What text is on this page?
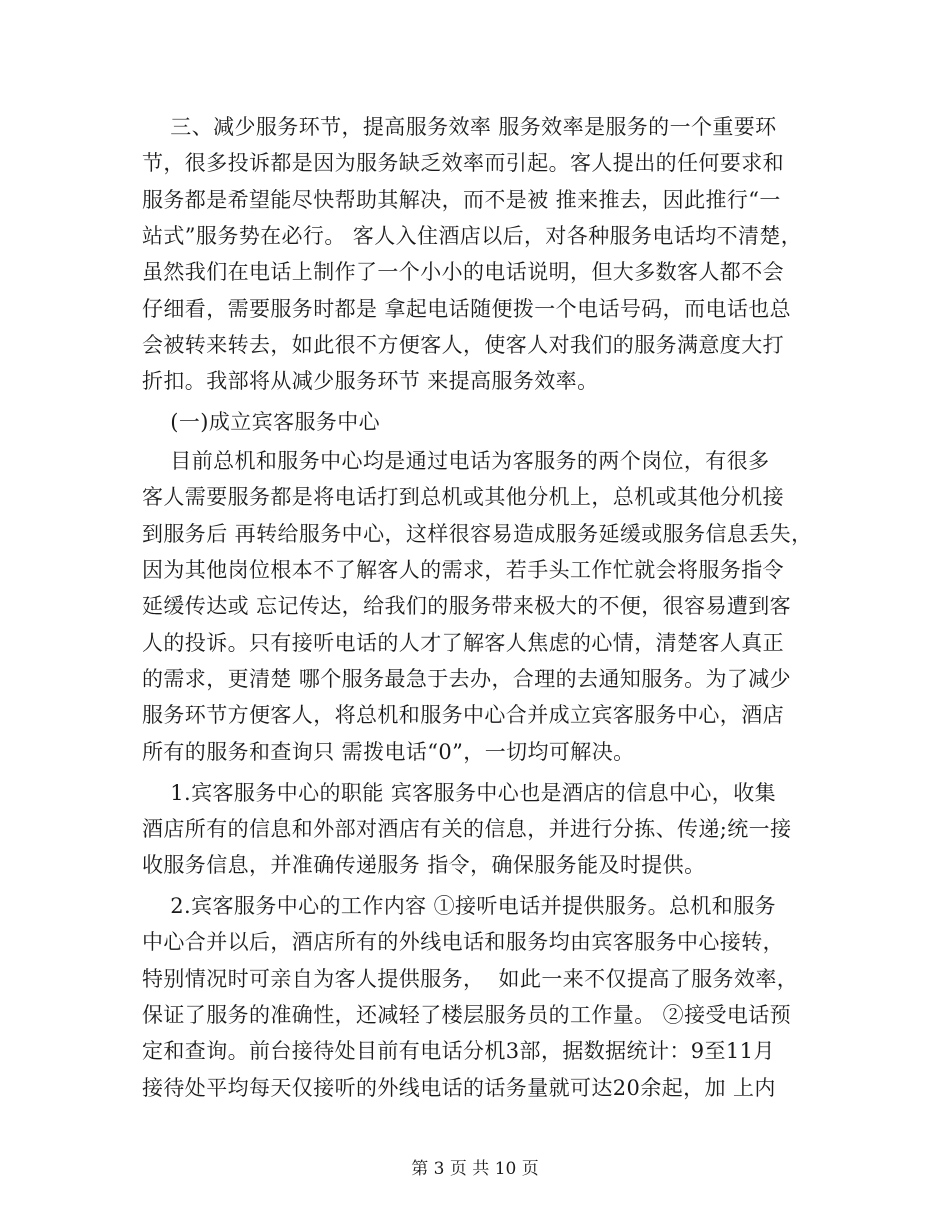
三、减少服务环节，提高服务效率 服务效率是服务的一个重要环
节，很多投诉都是因为服务缺乏效率而引起。客人提出的任何要求和
服务都是希望能尽快帮助其解决，而不是被 推来推去，因此推行“一
站式”服务势在必行。 客人入住酒店以后，对各种服务电话均不清楚，
虽然我们在电话上制作了一个小小的电话说明，但大多数客人都不会
仔细看，需要服务时都是 拿起电话随便拨一个电话号码，而电话也总
会被转来转去，如此很不方便客人，使客人对我们的服务满意度大打
折扣。我部将从减少服务环节 来提高服务效率。
(一)成立宾客服务中心
目前总机和服务中心均是通过电话为客服务的两个岗位，有很多
客人需要服务都是将电话打到总机或其他分机上，总机或其他分机接
到服务后 再转给服务中心，这样很容易造成服务延缓或服务信息丢失，
因为其他岗位根本不了解客人的需求，若手头工作忙就会将服务指令
延缓传达或 忘记传达，给我们的服务带来极大的不便，很容易遭到客
人的投诉。只有接听电话的人才了解客人焦虑的心情，清楚客人真正
的需求，更清楚 哪个服务最急于去办，合理的去通知服务。为了减少
服务环节方便客人，将总机和服务中心合并成立宾客服务中心，酒店
所有的服务和查询只 需拨电话“0”，一切均可解决。
1.宾客服务中心的职能 宾客服务中心也是酒店的信息中心，收集
酒店所有的信息和外部对酒店有关的信息，并进行分拣、传递;统一接
收服务信息，并准确传递服务 指令，确保服务能及时提供。
2.宾客服务中心的工作内容 ①接听电话并提供服务。总机和服务
中心合并以后，酒店所有的外线电话和服务均由宾客服务中心接转，
特别情况时可亲自为客人提供服务，  如此一来不仅提高了服务效率，
保证了服务的准确性，还减轻了楼层服务员的工作量。 ②接受电话预
定和查询。前台接待处目前有电话分机3部，据数据统计：9至11月
接待处平均每天仅接听的外线电话的话务量就可达20余起，加 上内
第 3 页 共 10 页
